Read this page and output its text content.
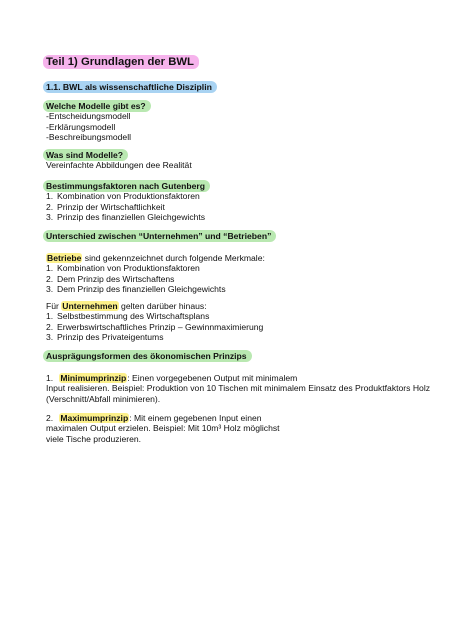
Teil 1) Grundlagen der BWL
1.1. BWL als wissenschaftliche Disziplin
Welche Modelle gibt es?
-Entscheidungsmodell
-Erklärungsmodell
-Beschreibungsmodell
Was sind Modelle?
Vereinfachte Abbildungen dee Realität
Bestimmungsfaktoren nach Gutenberg
1. Kombination von Produktionsfaktoren
2. Prinzip der Wirtschaftlichkeit
3. Prinzip des finanziellen Gleichgewichts
Unterschied zwischen “Unternehmen” und “Betrieben”
Betriebe sind gekennzeichnet durch folgende Merkmale:
1. Kombination von Produktionsfaktoren
2. Dem Prinzip des Wirtschaftens
3. Dem Prinzip des finanziellen Gleichgewichts
Für Unternehmen gelten darüber hinaus:
1. Selbstbestimmung des Wirtschaftsplans
2. Erwerbswirtschaftliches Prinzip – Gewinnmaximierung
3. Prinzip des Privateigentums
Ausprägungsformen des ökonomischen Prinzips
1. Minimumprinzip: Einen vorgegebenen Output mit minimalem
Input realisieren. Beispiel: Produktion von 10 Tischen mit minimalem Einsatz des Produktfaktors Holz (Verschnitt/Abfall minimieren).
2. Maximumprinzip: Mit einem gegebenen Input einen
maximalen Output erzielen. Beispiel: Mit 10m³ Holz möglichst
viele Tische produzieren.
